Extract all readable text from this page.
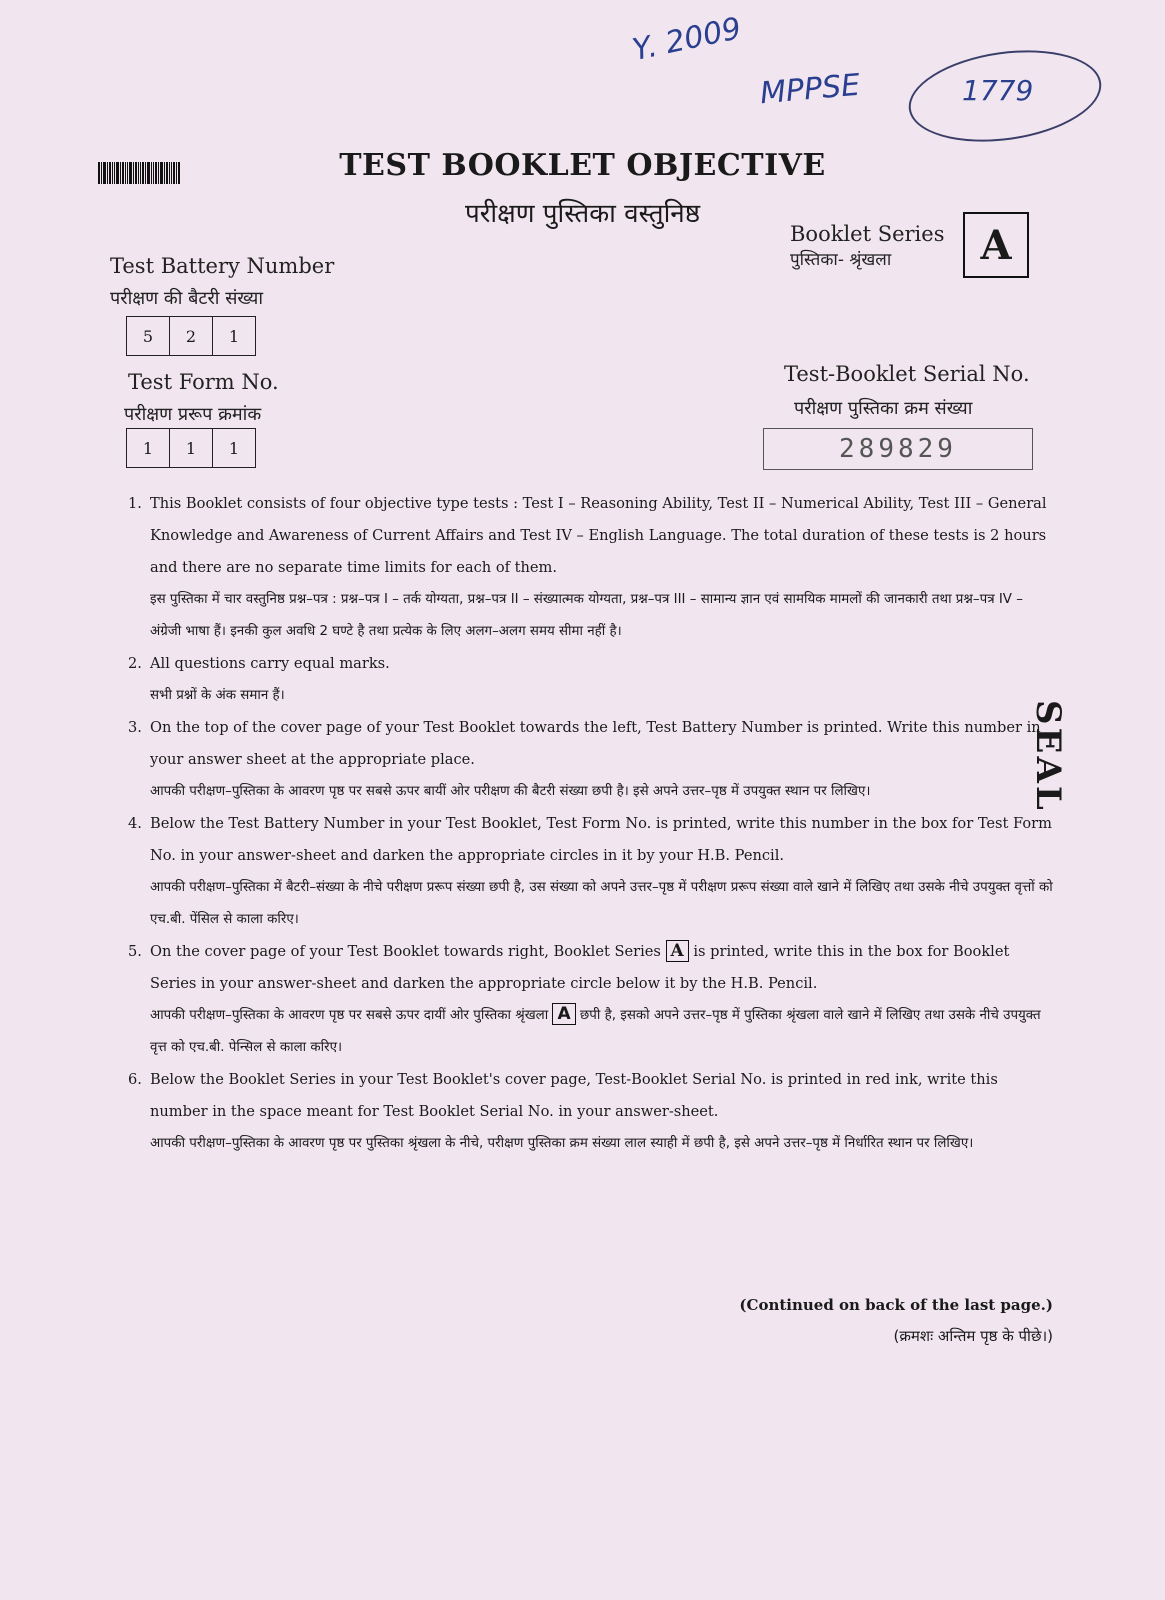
Y. 2009
MPPSE	1779
TEST BOOKLET OBJECTIVE
परीक्षण पुस्तिका वस्तुनिष्ठ
Booklet Series
पुस्तिका- श्रृंखला	A
Test Battery Number
परीक्षण की बैटरी संख्या
5	2	1
Test Form No.
परीक्षण प्ररूप क्रमांक
1	1	1
Test-Booklet Serial No.
परीक्षण पुस्तिका क्रम संख्या
289829
1. This Booklet consists of four objective type tests : Test I – Reasoning Ability, Test II – Numerical Ability, Test III – General Knowledge and Awareness of Current Affairs and Test IV – English Language. The total duration of these tests is 2 hours and there are no separate time limits for each of them.
इस पुस्तिका में चार वस्तुनिष्ठ प्रश्न–पत्र : प्रश्न–पत्र I – तर्क योग्यता, प्रश्न–पत्र II – संख्यात्मक योग्यता, प्रश्न–पत्र III – सामान्य ज्ञान एवं सामयिक मामलों की जानकारी तथा प्रश्न–पत्र IV – अंग्रेजी भाषा हैं। इनकी कुल अवधि 2 घण्टे है तथा प्रत्येक के लिए अलग–अलग समय सीमा नहीं है।
2. All questions carry equal marks.
सभी प्रश्नों के अंक समान हैं।
3. On the top of the cover page of your Test Booklet towards the left, Test Battery Number is printed. Write this number in your answer sheet at the appropriate place.
आपकी परीक्षण–पुस्तिका के आवरण पृष्ठ पर सबसे ऊपर बायीं ओर परीक्षण की बैटरी संख्या छपी है। इसे अपने उत्तर–पृष्ठ में उपयुक्त स्थान पर लिखिए।
4. Below the Test Battery Number in your Test Booklet, Test Form No. is printed, write this number in the box for Test Form No. in your answer-sheet and darken the appropriate circles in it by your H.B. Pencil.
आपकी परीक्षण–पुस्तिका में बैटरी–संख्या के नीचे परीक्षण प्ररूप संख्या छपी है, उस संख्या को अपने उत्तर–पृष्ठ में परीक्षण प्ररूप संख्या वाले खाने में लिखिए तथा उसके नीचे उपयुक्त वृत्तों को एच.बी. पेंसिल से काला करिए।
5. On the cover page of your Test Booklet towards right, Booklet Series A is printed, write this in the box for Booklet Series in your answer-sheet and darken the appropriate circle below it by the H.B. Pencil.
आपकी परीक्षण–पुस्तिका के आवरण पृष्ठ पर सबसे ऊपर दायीं ओर पुस्तिका श्रृंखला A छपी है, इसको अपने उत्तर–पृष्ठ में पुस्तिका श्रृंखला वाले खाने में लिखिए तथा उसके नीचे उपयुक्त वृत्त को एच.बी. पेन्सिल से काला करिए।
6. Below the Booklet Series in your Test Booklet's cover page, Test-Booklet Serial No. is printed in red ink, write this number in the space meant for Test Booklet Serial No. in your answer-sheet.
आपकी परीक्षण–पुस्तिका के आवरण पृष्ठ पर पुस्तिका श्रृंखला के नीचे, परीक्षण पुस्तिका क्रम संख्या लाल स्याही में छपी है, इसे अपने उत्तर–पृष्ठ में निर्धारित स्थान पर लिखिए।
(Continued on back of the last page.)
(क्रमशः अन्तिम पृष्ठ के पीछे।)
SEAL
